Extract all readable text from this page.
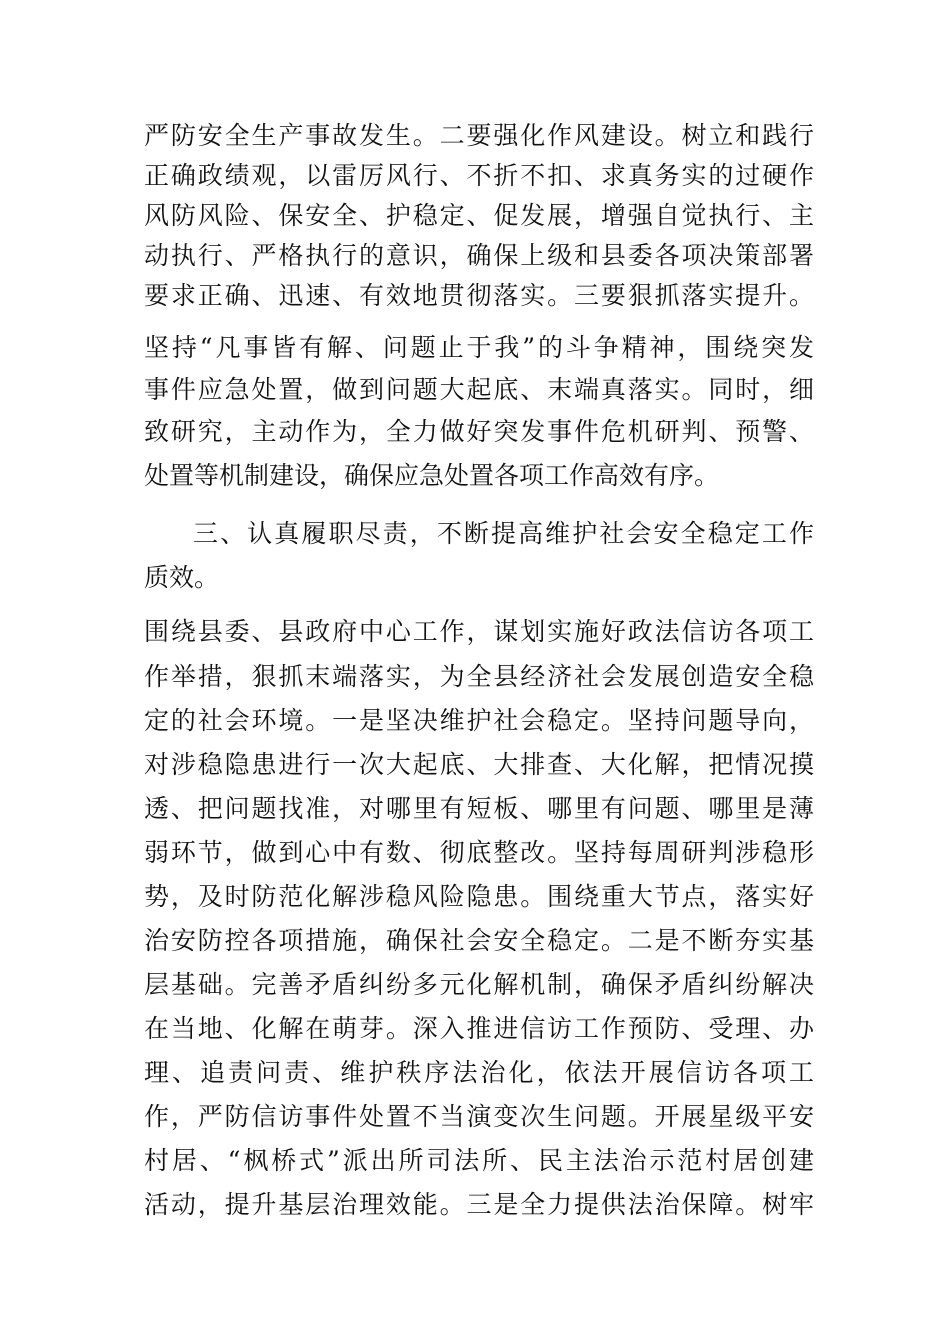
严防安全生产事故发生。二要强化作风建设。树立和践行
正确政绩观，以雷厉风行、不折不扣、求真务实的过硬作
风防风险、保安全、护稳定、促发展，增强自觉执行、主
动执行、严格执行的意识，确保上级和县委各项决策部署
要求正确、迅速、有效地贯彻落实。三要狠抓落实提升。
坚持“凡事皆有解、问题止于我”的斗争精神，围绕突发
事件应急处置，做到问题大起底、末端真落实。同时，细
致研究，主动作为，全力做好突发事件危机研判、预警、
处置等机制建设，确保应急处置各项工作高效有序。
三、认真履职尽责，不断提高维护社会安全稳定工作
质效。
围绕县委、县政府中心工作，谋划实施好政法信访各项工
作举措，狠抓末端落实，为全县经济社会发展创造安全稳
定的社会环境。一是坚决维护社会稳定。坚持问题导向，
对涉稳隐患进行一次大起底、大排查、大化解，把情况摸
透、把问题找准，对哪里有短板、哪里有问题、哪里是薄
弱环节，做到心中有数、彻底整改。坚持每周研判涉稳形
势，及时防范化解涉稳风险隐患。围绕重大节点，落实好
治安防控各项措施，确保社会安全稳定。二是不断夯实基
层基础。完善矛盾纠纷多元化解机制，确保矛盾纠纷解决
在当地、化解在萌芽。深入推进信访工作预防、受理、办
理、追责问责、维护秩序法治化，依法开展信访各项工
作，严防信访事件处置不当演变次生问题。开展星级平安
村居、“枫桥式”派出所司法所、民主法治示范村居创建
活动，提升基层治理效能。三是全力提供法治保障。树牢
